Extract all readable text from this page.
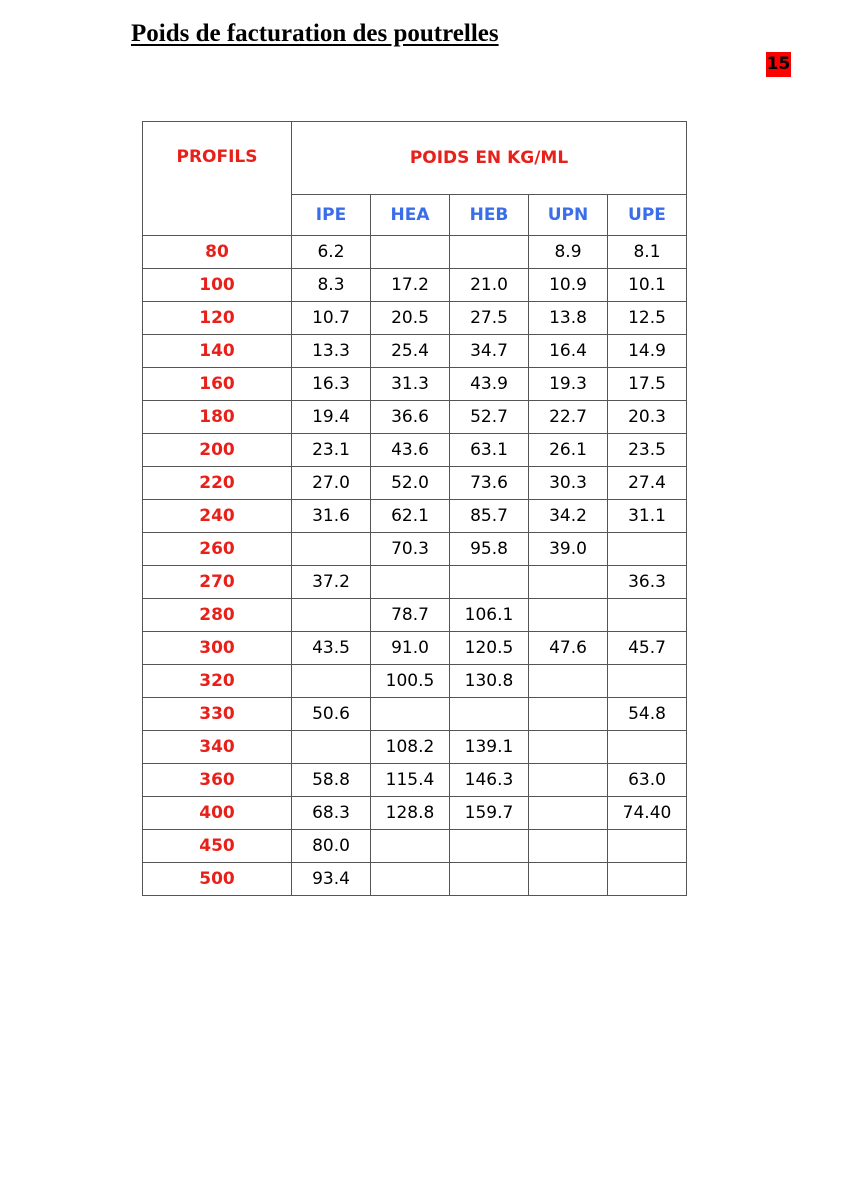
Poids de facturation des poutrelles
15
PROFILS	POIDS EN KG/ML				
	IPE	HEA	HEB	UPN	UPE
80	6.2			8.9	8.1
100	8.3	17.2	21.0	10.9	10.1
120	10.7	20.5	27.5	13.8	12.5
140	13.3	25.4	34.7	16.4	14.9
160	16.3	31.3	43.9	19.3	17.5
180	19.4	36.6	52.7	22.7	20.3
200	23.1	43.6	63.1	26.1	23.5
220	27.0	52.0	73.6	30.3	27.4
240	31.6	62.1	85.7	34.2	31.1
260		70.3	95.8	39.0	
270	37.2				36.3
280		78.7	106.1		
300	43.5	91.0	120.5	47.6	45.7
320		100.5	130.8		
330	50.6				54.8
340		108.2	139.1		
360	58.8	115.4	146.3		63.0
400	68.3	128.8	159.7		74.40
450	80.0				
500	93.4				
